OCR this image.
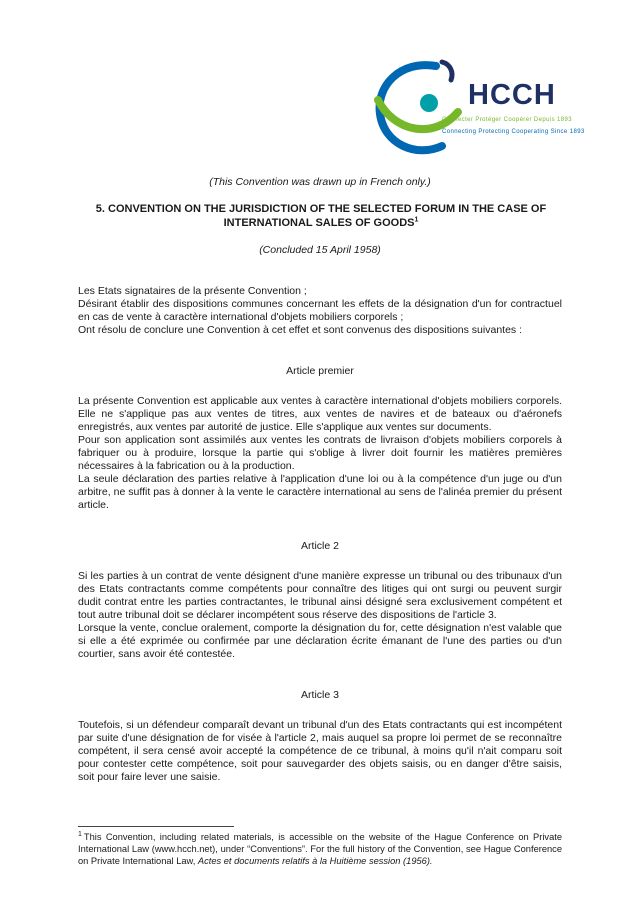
HCCH
Connecter Protéger Coopérer Depuis 1893
Connecting Protecting Cooperating Since 1893

(This Convention was drawn up in French only.)

5. CONVENTION ON THE JURISDICTION OF THE SELECTED FORUM IN THE CASE OF INTERNATIONAL SALES OF GOODS$^1$

(Concluded 15 April 1958)

Les Etats signataires de la présente Convention ;

Désirant établir des dispositions communes concernant les effets de la désignation d'un for contractuel en cas de vente à caractère international d'objets mobiliers corporels ;

Ont résolu de conclure une Convention à cet effet et sont convenus des dispositions suivantes :

Article premier

La présente Convention est applicable aux ventes à caractère international d'objets mobiliers corporels. Elle ne s'applique pas aux ventes de titres, aux ventes de navires et de bateaux ou d'aéronefs enregistrés, aux ventes par autorité de justice. Elle s'applique aux ventes sur documents.

Pour son application sont assimilés aux ventes les contrats de livraison d'objets mobiliers corporels à fabriquer ou à produire, lorsque la partie qui s'oblige à livrer doit fournir les matières premières nécessaires à la fabrication ou à la production.

La seule déclaration des parties relative à l'application d'une loi ou à la compétence d'un juge ou d'un arbitre, ne suffit pas à donner à la vente le caractère international au sens de l'alinéa premier du présent article.

Article 2

Si les parties à un contrat de vente désignent d'une manière expresse un tribunal ou des tribunaux d'un des Etats contractants comme compétents pour connaître des litiges qui ont surgi ou peuvent surgir dudit contrat entre les parties contractantes, le tribunal ainsi désigné sera exclusivement compétent et tout autre tribunal doit se déclarer incompétent sous réserve des dispositions de l'article 3.

Lorsque la vente, conclue oralement, comporte la désignation du for, cette désignation n'est valable que si elle a été exprimée ou confirmée par une déclaration écrite émanant de l'une des parties ou d'un courtier, sans avoir été contestée.

Article 3

Toutefois, si un défendeur comparaît devant un tribunal d'un des Etats contractants qui est incompétent par suite d'une désignation de for visée à l'article 2, mais auquel sa propre loi permet de se reconnaître compétent, il sera censé avoir accepté la compétence de ce tribunal, à moins qu'il n'ait comparu soit pour contester cette compétence, soit pour sauvegarder des objets saisis, ou en danger d'être saisis, soit pour faire lever une saisie.

$^1$ This Convention, including related materials, is accessible on the website of the Hague Conference on Private International Law (www.hcch.net), under “Conventions”. For the full history of the Convention, see Hague Conference on Private International Law, Actes et documents relatifs à la Huitième session (1956).
